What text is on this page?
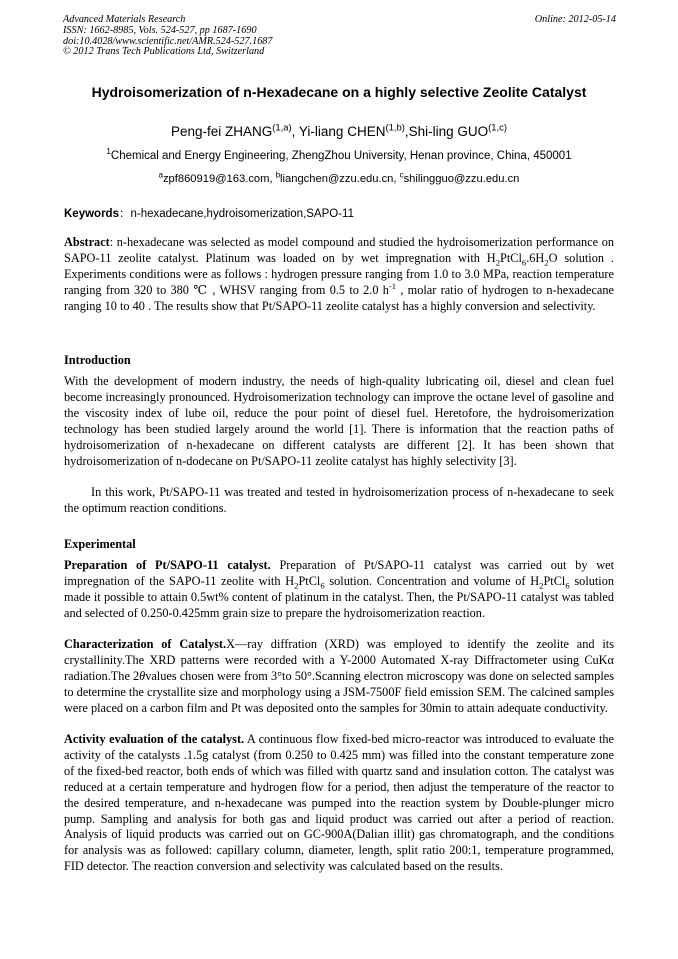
Advanced Materials Research
ISSN: 1662-8985, Vols. 524-527, pp 1687-1690
doi:10.4028/www.scientific.net/AMR.524-527.1687
© 2012 Trans Tech Publications Ltd, Switzerland
Online: 2012-05-14
Hydroisomerization of n-Hexadecane on a highly selective Zeolite Catalyst
Peng-fei ZHANG$^{(1,a)}$, Yi-liang CHEN$^{(1,b)}$,Shi-ling GUO$^{(1,c)}$
$^1$Chemical and Energy Engineering, ZhengZhou University, Henan province, China, 450001
$^a$zpf860919@163.com, $^b$liangchen@zzu.edu.cn, $^c$shilingguo@zzu.edu.cn
Keywords：n-hexadecane,hydroisomerization,SAPO-11
Abstract: n-hexadecane was selected as model compound and studied the hydroisomerization performance on SAPO-11 zeolite catalyst. Platinum was loaded on by wet impregnation with $H_2PtCl_6.6H_2O$ solution . Experiments conditions were as follows : hydrogen pressure ranging from 1.0 to 3.0 MPa, reaction temperature ranging from 320 to 380 ℃ , WHSV ranging from 0.5 to 2.0 $h^{-1}$ , molar ratio of hydrogen to n-hexadecane ranging 10 to 40 . The results show that Pt/SAPO-11 zeolite catalyst has a highly conversion and selectivity.
Introduction
With the development of modern industry, the needs of high-quality lubricating oil, diesel and clean fuel become increasingly pronounced. Hydroisomerization technology can improve the octane level of gasoline and the viscosity index of lube oil, reduce the pour point of diesel fuel. Heretofore, the hydroisomerization technology has been studied largely around the world [1]. There is information that the reaction paths of hydroisomerization of n-hexadecane on different catalysts are different [2]. It has been shown that hydroisomerization of n-dodecane on Pt/SAPO-11 zeolite catalyst has highly selectivity [3].
In this work, Pt/SAPO-11 was treated and tested in hydroisomerization process of n-hexadecane to seek the optimum reaction conditions.
Experimental
Preparation of Pt/SAPO-11 catalyst. Preparation of Pt/SAPO-11 catalyst was carried out by wet impregnation of the SAPO-11 zeolite with $H_2PtCl_6$ solution. Concentration and volume of $H_2PtCl_6$ solution made it possible to attain 0.5wt% content of platinum in the catalyst. Then, the Pt/SAPO-11 catalyst was tabled and selected of 0.250-0.425mm grain size to prepare the hydroisomerization reaction.
Characterization of Catalyst.X—ray diffration (XRD) was employed to identify the zeolite and its crystallinity.The XRD patterns were recorded with a Y-2000 Automated X-ray Diffractometer using CuKα radiation.The 2θvalues chosen were from 3°to 50°.Scanning electron microscopy was done on selected samples to determine the crystallite size and morphology using a JSM-7500F field emission SEM. The calcined samples were placed on a carbon film and Pt was deposited onto the samples for 30min to attain adequate conductivity.
Activity evaluation of the catalyst. A continuous flow fixed-bed micro-reactor was introduced to evaluate the activity of the catalysts .1.5g catalyst (from 0.250 to 0.425 mm) was filled into the constant temperature zone of the fixed-bed reactor, both ends of which was filled with quartz sand and insulation cotton. The catalyst was reduced at a certain temperature and hydrogen flow for a period, then adjust the temperature of the reactor to the desired temperature, and n-hexadecane was pumped into the reaction system by Double-plunger micro pump. Sampling and analysis for both gas and liquid product was carried out after a period of reaction. Analysis of liquid products was carried out on GC-900A(Dalian illit) gas chromatograph, and the conditions for analysis was as followed: capillary column, diameter, length, split ratio 200:1, temperature programmed, FID detector. The reaction conversion and selectivity was calculated based on the results.
